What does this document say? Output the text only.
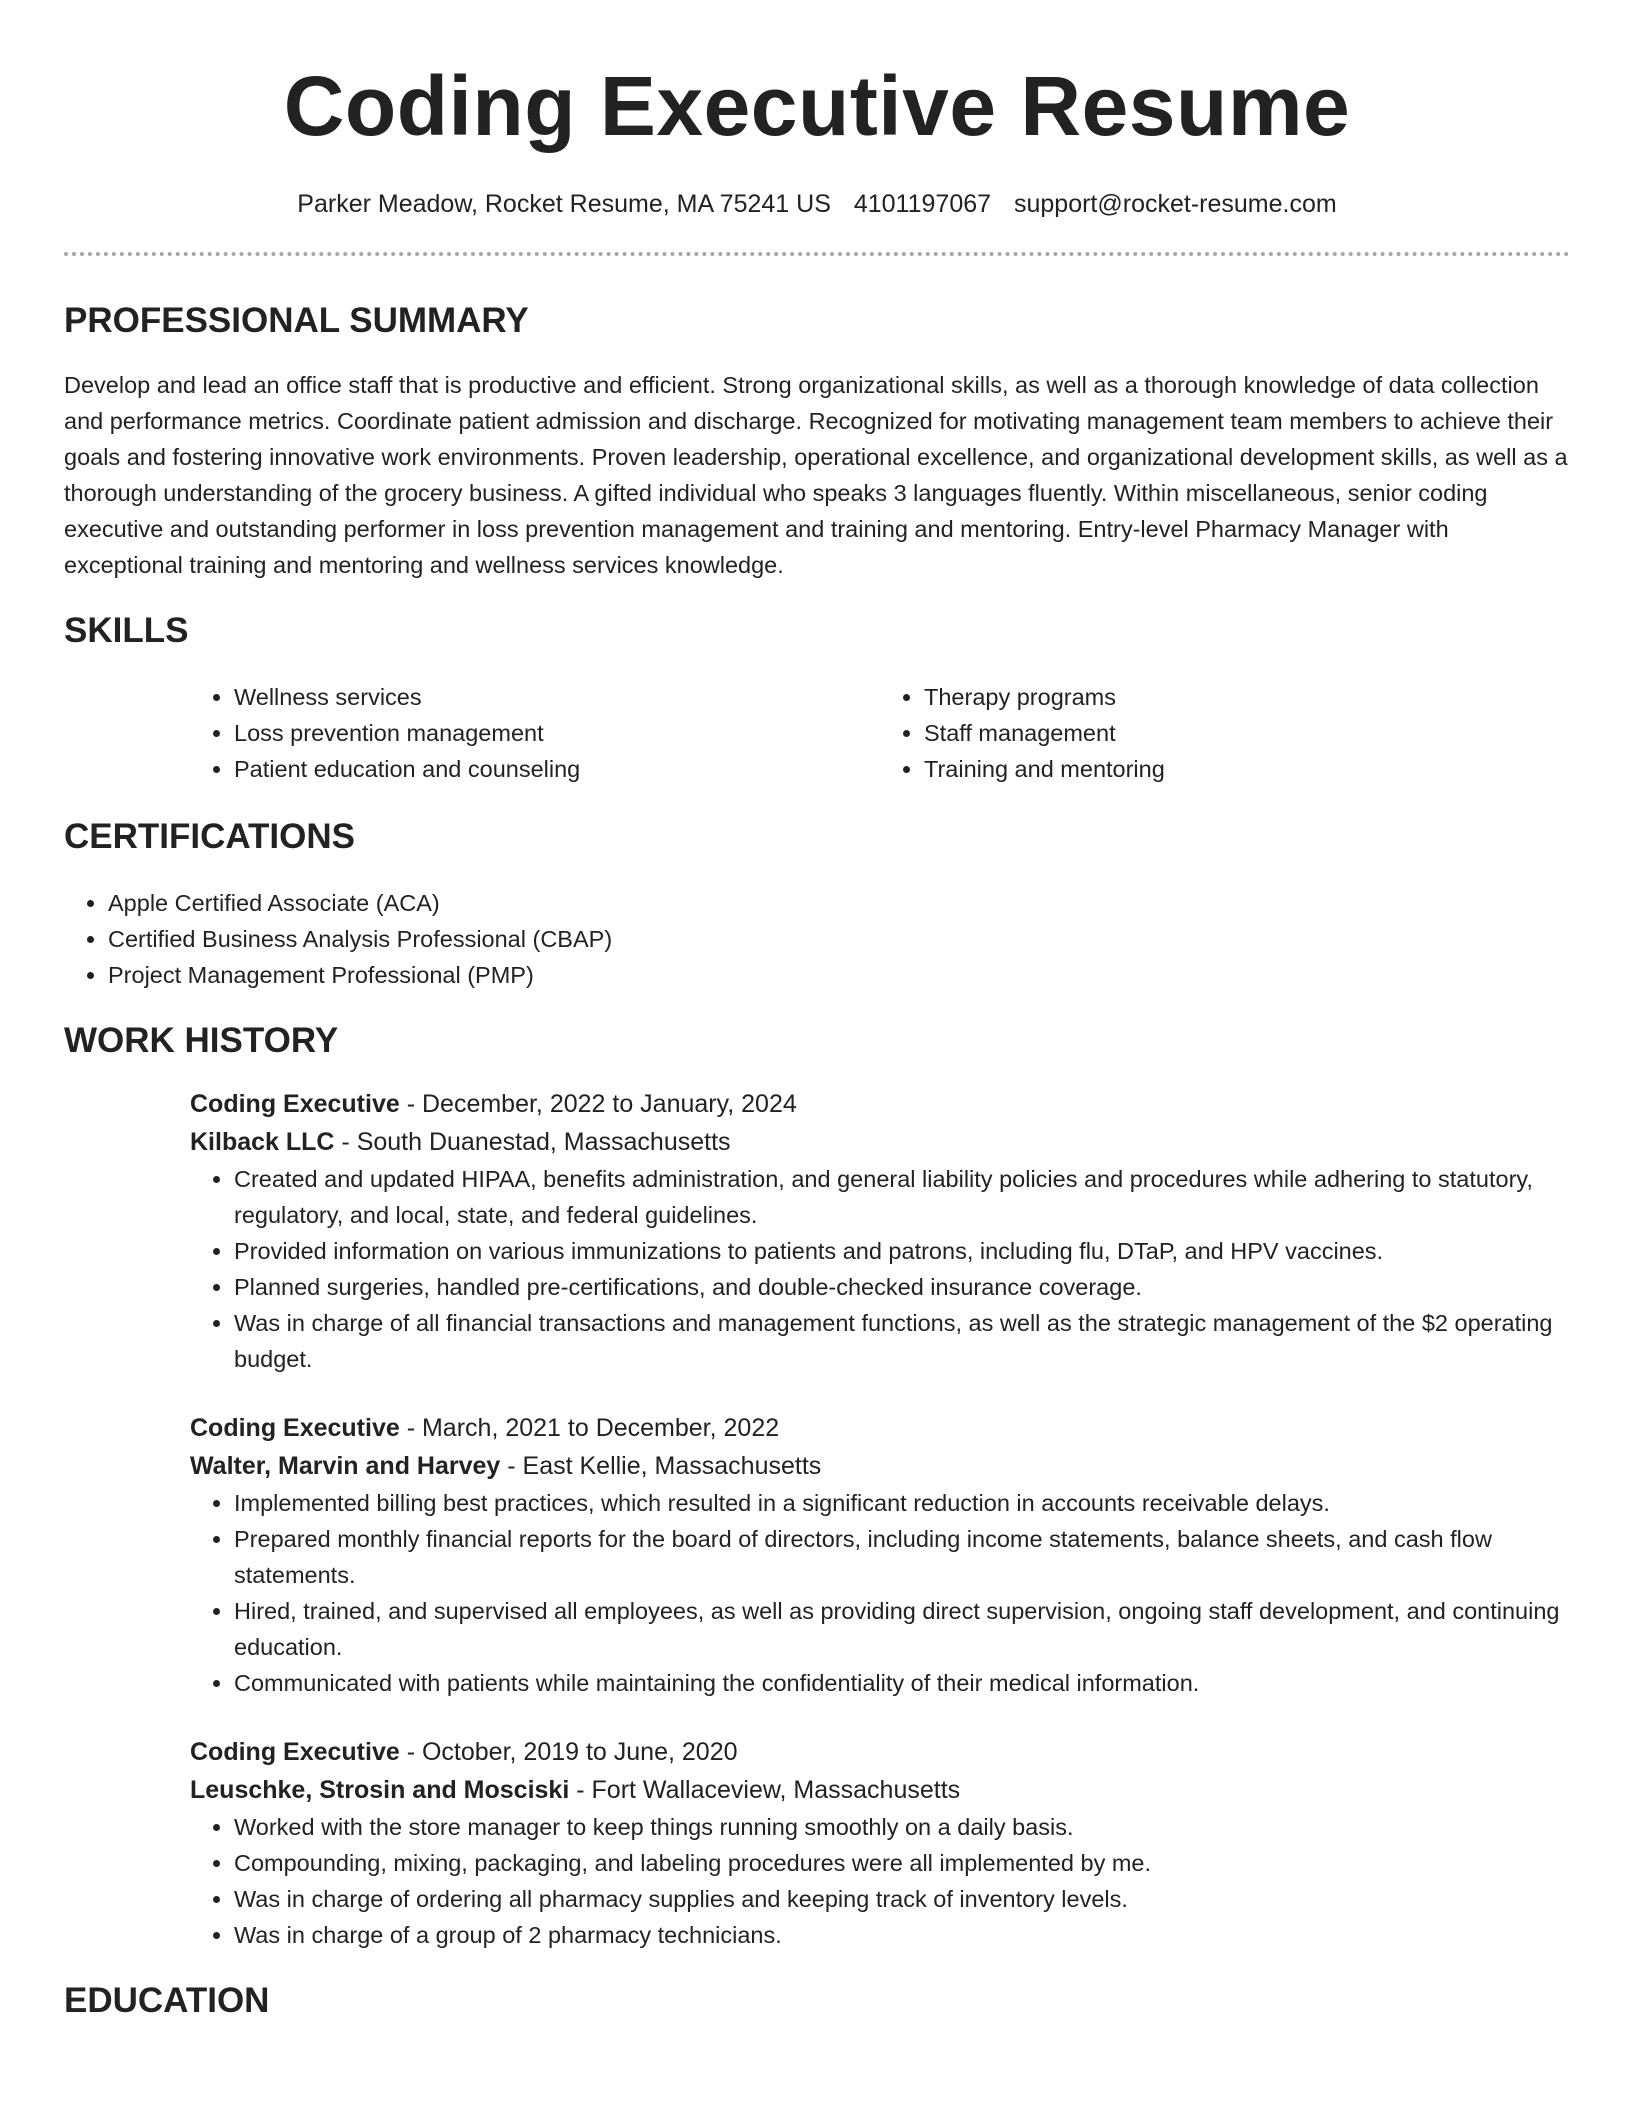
Coding Executive Resume
Parker Meadow, Rocket Resume, MA 75241 US 4101197067 support@rocket-resume.com
PROFESSIONAL SUMMARY

Develop and lead an office staff that is productive and efficient. Strong organizational skills, as well as a thorough knowledge of data collection and performance metrics. Coordinate patient admission and discharge. Recognized for motivating management team members to achieve their goals and fostering innovative work environments. Proven leadership, operational excellence, and organizational development skills, as well as a thorough understanding of the grocery business. A gifted individual who speaks 3 languages fluently. Within miscellaneous, senior coding executive and outstanding performer in loss prevention management and training and mentoring. Entry-level Pharmacy Manager with exceptional training and mentoring and wellness services knowledge.

SKILLS
• Wellness services
• Loss prevention management
• Patient education and counseling
• Therapy programs
• Staff management
• Training and mentoring
CERTIFICATIONS
• Apple Certified Associate (ACA)
• Certified Business Analysis Professional (CBAP)
• Project Management Professional (PMP)
WORK HISTORY
Coding Executive - December, 2022 to January, 2024
Kilback LLC - South Duanestad, Massachusetts
• Created and updated HIPAA, benefits administration, and general liability policies and procedures while adhering to statutory, regulatory, and local, state, and federal guidelines.
• Provided information on various immunizations to patients and patrons, including flu, DTaP, and HPV vaccines.
• Planned surgeries, handled pre-certifications, and double-checked insurance coverage.
• Was in charge of all financial transactions and management functions, as well as the strategic management of the $2 operating budget.
Coding Executive - March, 2021 to December, 2022
Walter, Marvin and Harvey - East Kellie, Massachusetts
• Implemented billing best practices, which resulted in a significant reduction in accounts receivable delays.
• Prepared monthly financial reports for the board of directors, including income statements, balance sheets, and cash flow statements.
• Hired, trained, and supervised all employees, as well as providing direct supervision, ongoing staff development, and continuing education.
• Communicated with patients while maintaining the confidentiality of their medical information.
Coding Executive - October, 2019 to June, 2020
Leuschke, Strosin and Mosciski - Fort Wallaceview, Massachusetts
• Worked with the store manager to keep things running smoothly on a daily basis.
• Compounding, mixing, packaging, and labeling procedures were all implemented by me.
• Was in charge of ordering all pharmacy supplies and keeping track of inventory levels.
• Was in charge of a group of 2 pharmacy technicians.
EDUCATION
